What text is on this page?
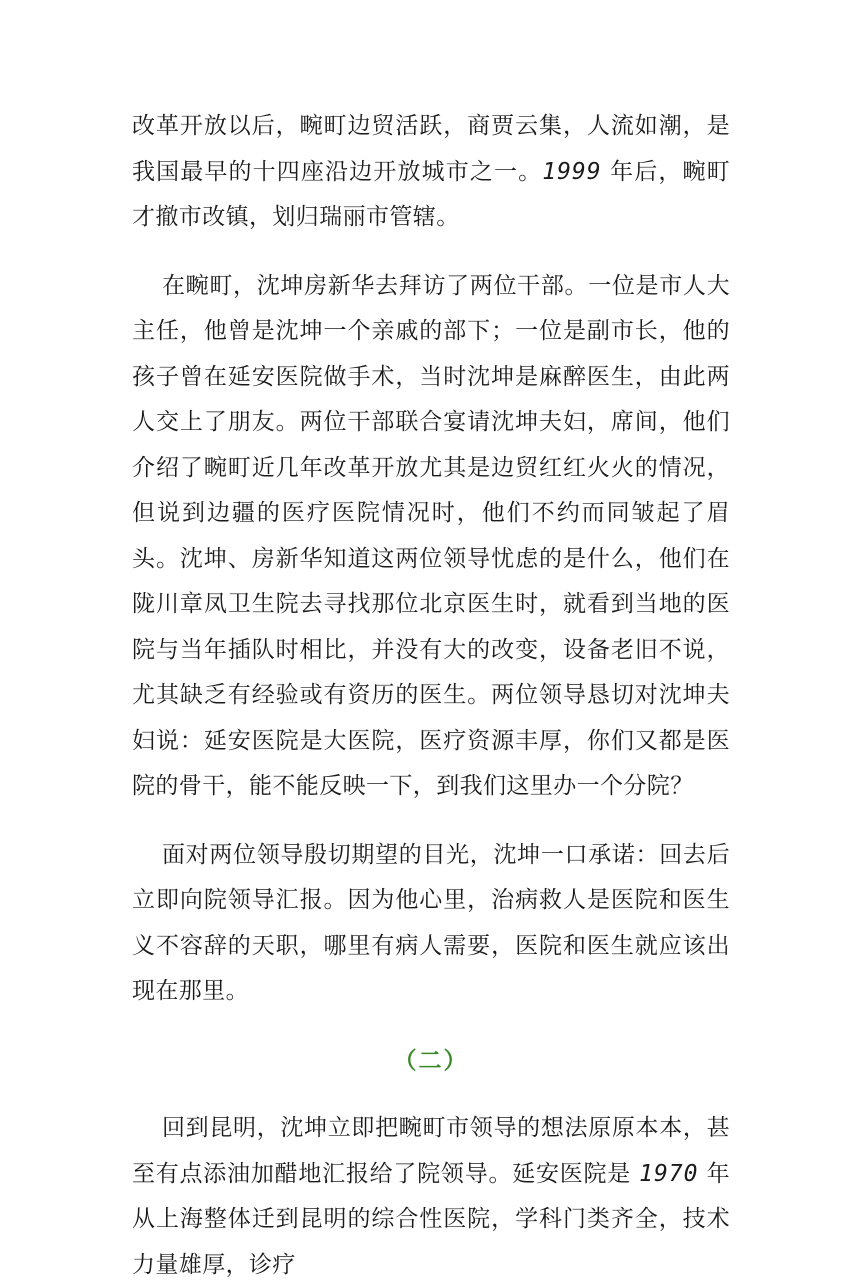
改革开放以后，畹町边贸活跃，商贾云集，人流如潮，是我国最早的十四座沿边开放城市之一。1999 年后，畹町才撤市改镇，划归瑞丽市管辖。

在畹町，沈坤房新华去拜访了两位干部。一位是市人大主任，他曾是沈坤一个亲戚的部下；一位是副市长，他的孩子曾在延安医院做手术，当时沈坤是麻醉医生，由此两人交上了朋友。两位干部联合宴请沈坤夫妇，席间，他们介绍了畹町近几年改革开放尤其是边贸红红火火的情况，但说到边疆的医疗医院情况时，他们不约而同皱起了眉头。沈坤、房新华知道这两位领导忧虑的是什么，他们在陇川章凤卫生院去寻找那位北京医生时，就看到当地的医院与当年插队时相比，并没有大的改变，设备老旧不说，尤其缺乏有经验或有资历的医生。两位领导恳切对沈坤夫妇说：延安医院是大医院，医疗资源丰厚，你们又都是医院的骨干，能不能反映一下，到我们这里办一个分院？

面对两位领导殷切期望的目光，沈坤一口承诺：回去后立即向院领导汇报。因为他心里，治病救人是医院和医生义不容辞的天职，哪里有病人需要，医院和医生就应该出现在那里。

（二）

回到昆明，沈坤立即把畹町市领导的想法原原本本，甚至有点添油加醋地汇报给了院领导。延安医院是 1970 年从上海整体迁到昆明的综合性医院，学科门类齐全，技术力量雄厚，诊疗
